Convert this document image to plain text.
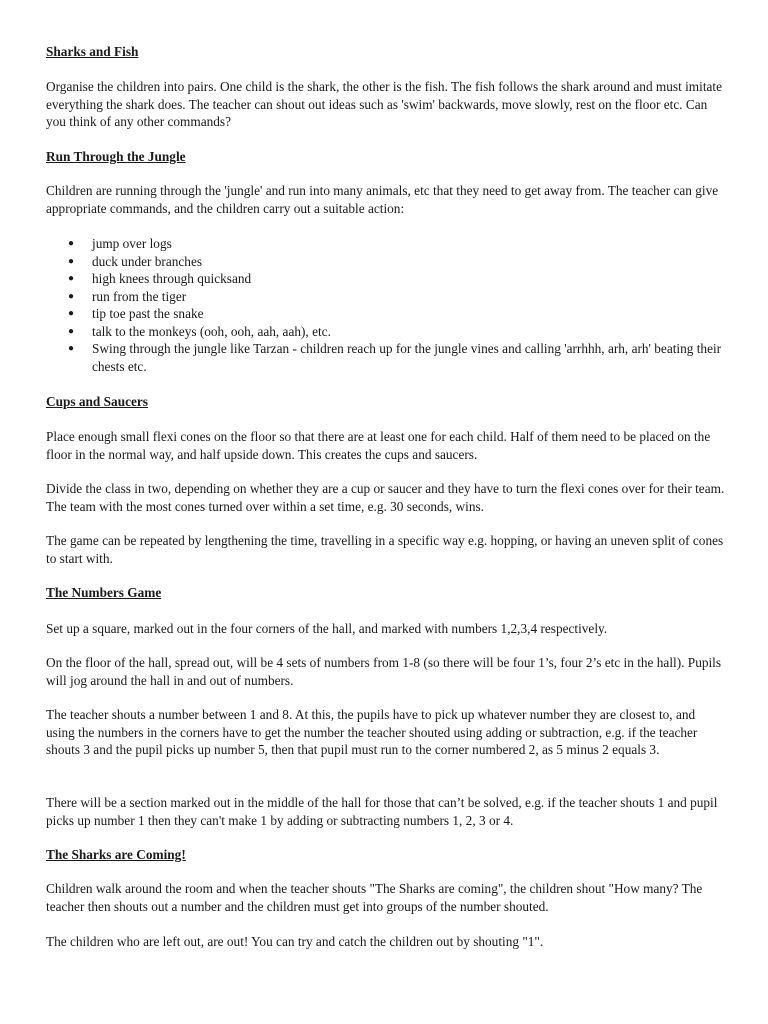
Sharks and Fish

Organise the children into pairs. One child is the shark, the other is the fish. The fish follows the shark around and must imitate everything the shark does. The teacher can shout out ideas such as 'swim' backwards, move slowly, rest on the floor etc. Can you think of any other commands?

Run Through the Jungle

Children are running through the 'jungle' and run into many animals, etc that they need to get away from. The teacher can give appropriate commands, and the children carry out a suitable action:

● jump over logs
● duck under branches
● high knees through quicksand
● run from the tiger
● tip toe past the snake
● talk to the monkeys (ooh, ooh, aah, aah), etc.
● Swing through the jungle like Tarzan - children reach up for the jungle vines and calling 'arrhhh, arh, arh' beating their chests etc.
Cups and Saucers

Place enough small flexi cones on the floor so that there are at least one for each child. Half of them need to be placed on the floor in the normal way, and half upside down. This creates the cups and saucers.

Divide the class in two, depending on whether they are a cup or saucer and they have to turn the flexi cones over for their team. The team with the most cones turned over within a set time, e.g. 30 seconds, wins.

The game can be repeated by lengthening the time, travelling in a specific way e.g. hopping, or having an uneven split of cones to start with.

The Numbers Game

Set up a square, marked out in the four corners of the hall, and marked with numbers 1,2,3,4 respectively.

On the floor of the hall, spread out, will be 4 sets of numbers from 1-8 (so there will be four 1’s, four 2’s etc in the hall). Pupils will jog around the hall in and out of numbers.

The teacher shouts a number between 1 and 8. At this, the pupils have to pick up whatever number they are closest to, and using the numbers in the corners have to get the number the teacher shouted using adding or subtraction, e.g. if the teacher shouts 3 and the pupil picks up number 5, then that pupil must run to the corner numbered 2, as 5 minus 2 equals 3.

There will be a section marked out in the middle of the hall for those that can’t be solved, e.g. if the teacher shouts 1 and pupil picks up number 1 then they can't make 1 by adding or subtracting numbers 1, 2, 3 or 4.

The Sharks are Coming!

Children walk around the room and when the teacher shouts "The Sharks are coming", the children shout "How many? The teacher then shouts out a number and the children must get into groups of the number shouted.

The children who are left out, are out! You can try and catch the children out by shouting "1".
